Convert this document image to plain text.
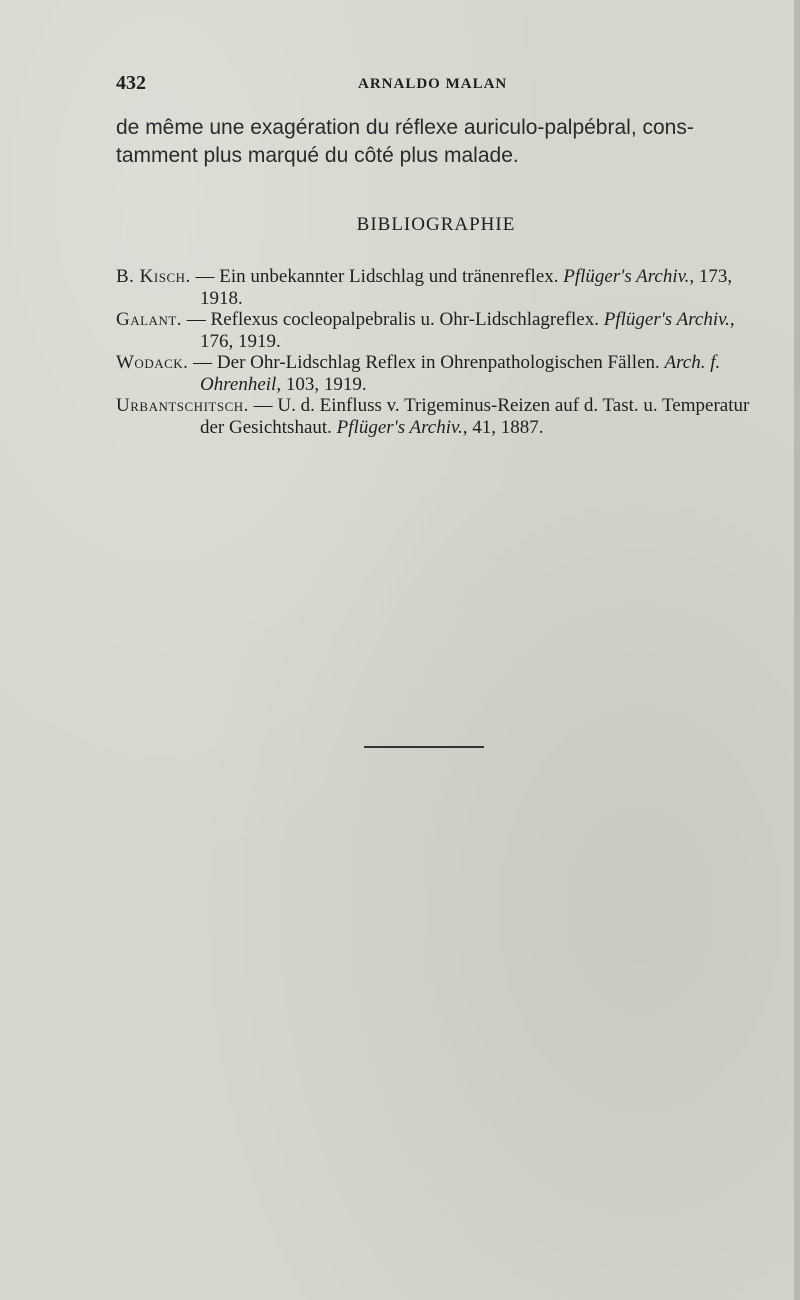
432	ARNALDO MALAN

de même une exagération du réflexe auriculo-palpébral, cons-
tamment plus marqué du côté plus malade.

BIBLIOGRAPHIE
B. Kisch. — Ein unbekannter Lidschlag und tränenreflex. Pflüger's Archiv., 173, 1918.
Galant. — Reflexus cocleopalpebralis u. Ohr-Lidschlagreflex. Pflüger's Archiv., 176, 1919.
Wodack. — Der Ohr-Lidschlag Reflex in Ohrenpathologischen Fällen. Arch. f. Ohrenheil, 103, 1919.
Urbantschitsch. — U. d. Einfluss v. Trigeminus-Reizen auf d. Tast. u. Temperatur der Gesichtshaut. Pflüger's Archiv., 41, 1887.
